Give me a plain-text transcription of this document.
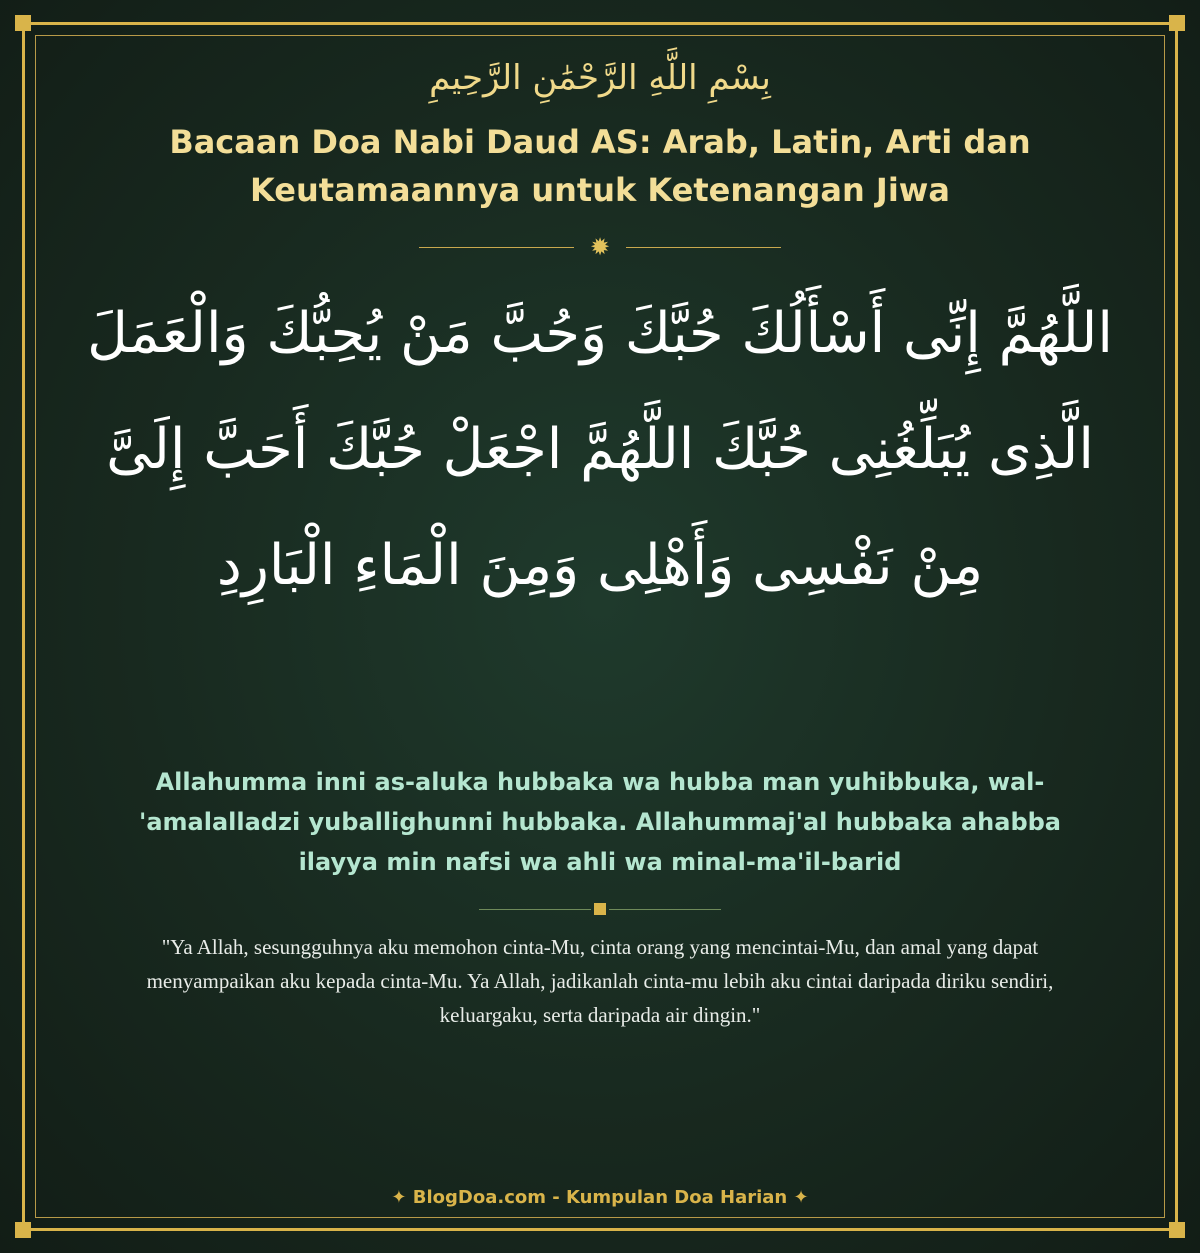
بِسْمِ اللَّهِ الرَّحْمَٰنِ الرَّحِيمِ
Bacaan Doa Nabi Daud AS: Arab, Latin, Arti dan Keutamaannya untuk Ketenangan Jiwa
✹
اللَّهُمَّ إِنِّى أَسْأَلُكَ حُبَّكَ وَحُبَّ مَنْ يُحِبُّكَ وَالْعَمَلَ الَّذِى يُبَلِّغُنِى حُبَّكَ اللَّهُمَّ اجْعَلْ حُبَّكَ أَحَبَّ إِلَىَّ مِنْ نَفْسِى وَأَهْلِى وَمِنَ الْمَاءِ الْبَارِدِ
Allahumma inni as-aluka hubbaka wa hubba man yuhibbuka, wal-'amalalladzi yuballighunni hubbaka. Allahummaj'al hubbaka ahabba ilayya min nafsi wa ahli wa minal-ma'il-barid
"Ya Allah, sesungguhnya aku memohon cinta-Mu, cinta orang yang mencintai-Mu, dan amal yang dapat menyampaikan aku kepada cinta-Mu. Ya Allah, jadikanlah cinta-mu lebih aku cintai daripada diriku sendiri, keluargaku, serta daripada air dingin."
✦ BlogDoa.com - Kumpulan Doa Harian ✦
